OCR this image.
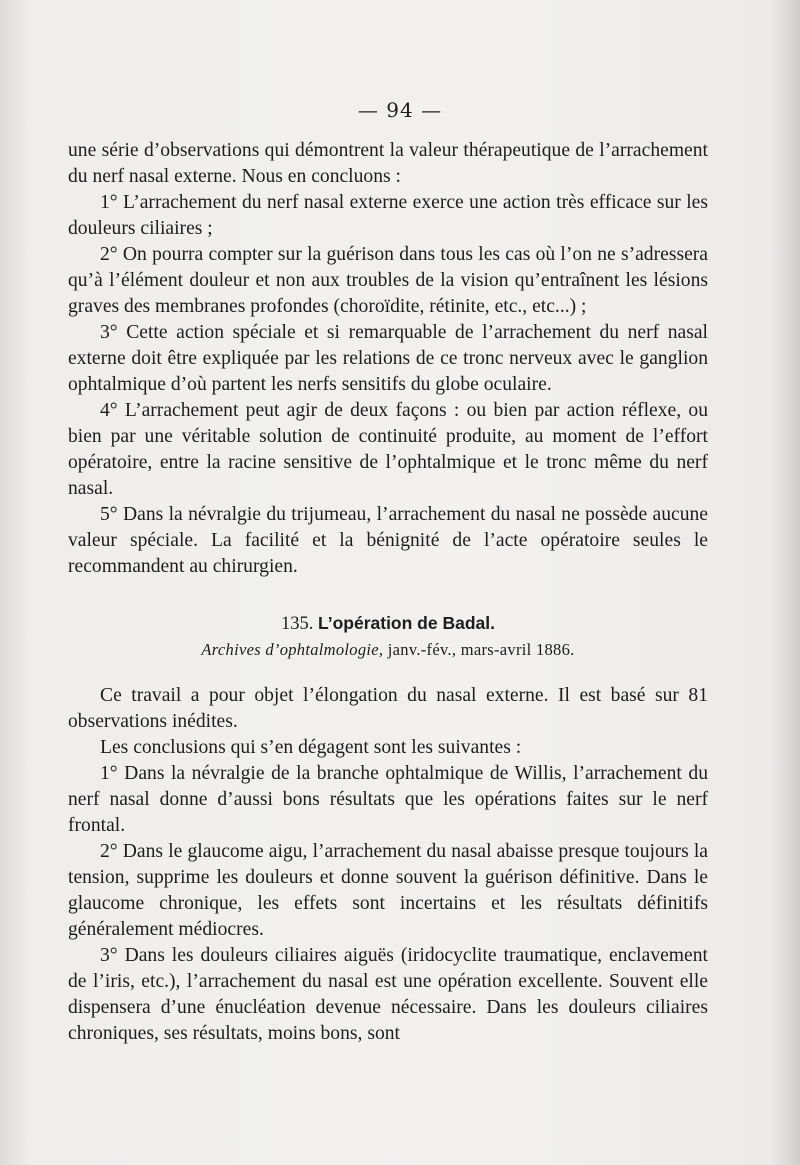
— 94 —

une série d’observations qui démontrent la valeur thérapeutique de l’arrachement du nerf nasal externe. Nous en concluons :

1° L’arrachement du nerf nasal externe exerce une action très efficace sur les douleurs ciliaires ;

2° On pourra compter sur la guérison dans tous les cas où l’on ne s’adressera qu’à l’élément douleur et non aux troubles de la vision qu’entraînent les lésions graves des membranes profondes (choroïdite, rétinite, etc., etc...) ;

3° Cette action spéciale et si remarquable de l’arrachement du nerf nasal externe doit être expliquée par les relations de ce tronc nerveux avec le ganglion ophtalmique d’où partent les nerfs sensitifs du globe oculaire.

4° L’arrachement peut agir de deux façons : ou bien par action réflexe, ou bien par une véritable solution de continuité produite, au moment de l’effort opératoire, entre la racine sensitive de l’ophtalmique et le tronc même du nerf nasal.

5° Dans la névralgie du trijumeau, l’arrachement du nasal ne possède aucune valeur spéciale. La facilité et la bénignité de l’acte opératoire seules le recommandent au chirurgien.

135. L’opération de Badal.

Archives d’ophtalmologie, janv.-fév., mars-avril 1886.

Ce travail a pour objet l’élongation du nasal externe. Il est basé sur 81 observations inédites.

Les conclusions qui s’en dégagent sont les suivantes :

1° Dans la névralgie de la branche ophtalmique de Willis, l’arrachement du nerf nasal donne d’aussi bons résultats que les opérations faites sur le nerf frontal.

2° Dans le glaucome aigu, l’arrachement du nasal abaisse presque toujours la tension, supprime les douleurs et donne souvent la guérison définitive. Dans le glaucome chronique, les effets sont incertains et les résultats définitifs généralement médiocres.

3° Dans les douleurs ciliaires aiguës (iridocyclite traumatique, enclavement de l’iris, etc.), l’arrachement du nasal est une opération excellente. Souvent elle dispensera d’une énucléation devenue nécessaire. Dans les douleurs ciliaires chroniques, ses résultats, moins bons, sont
